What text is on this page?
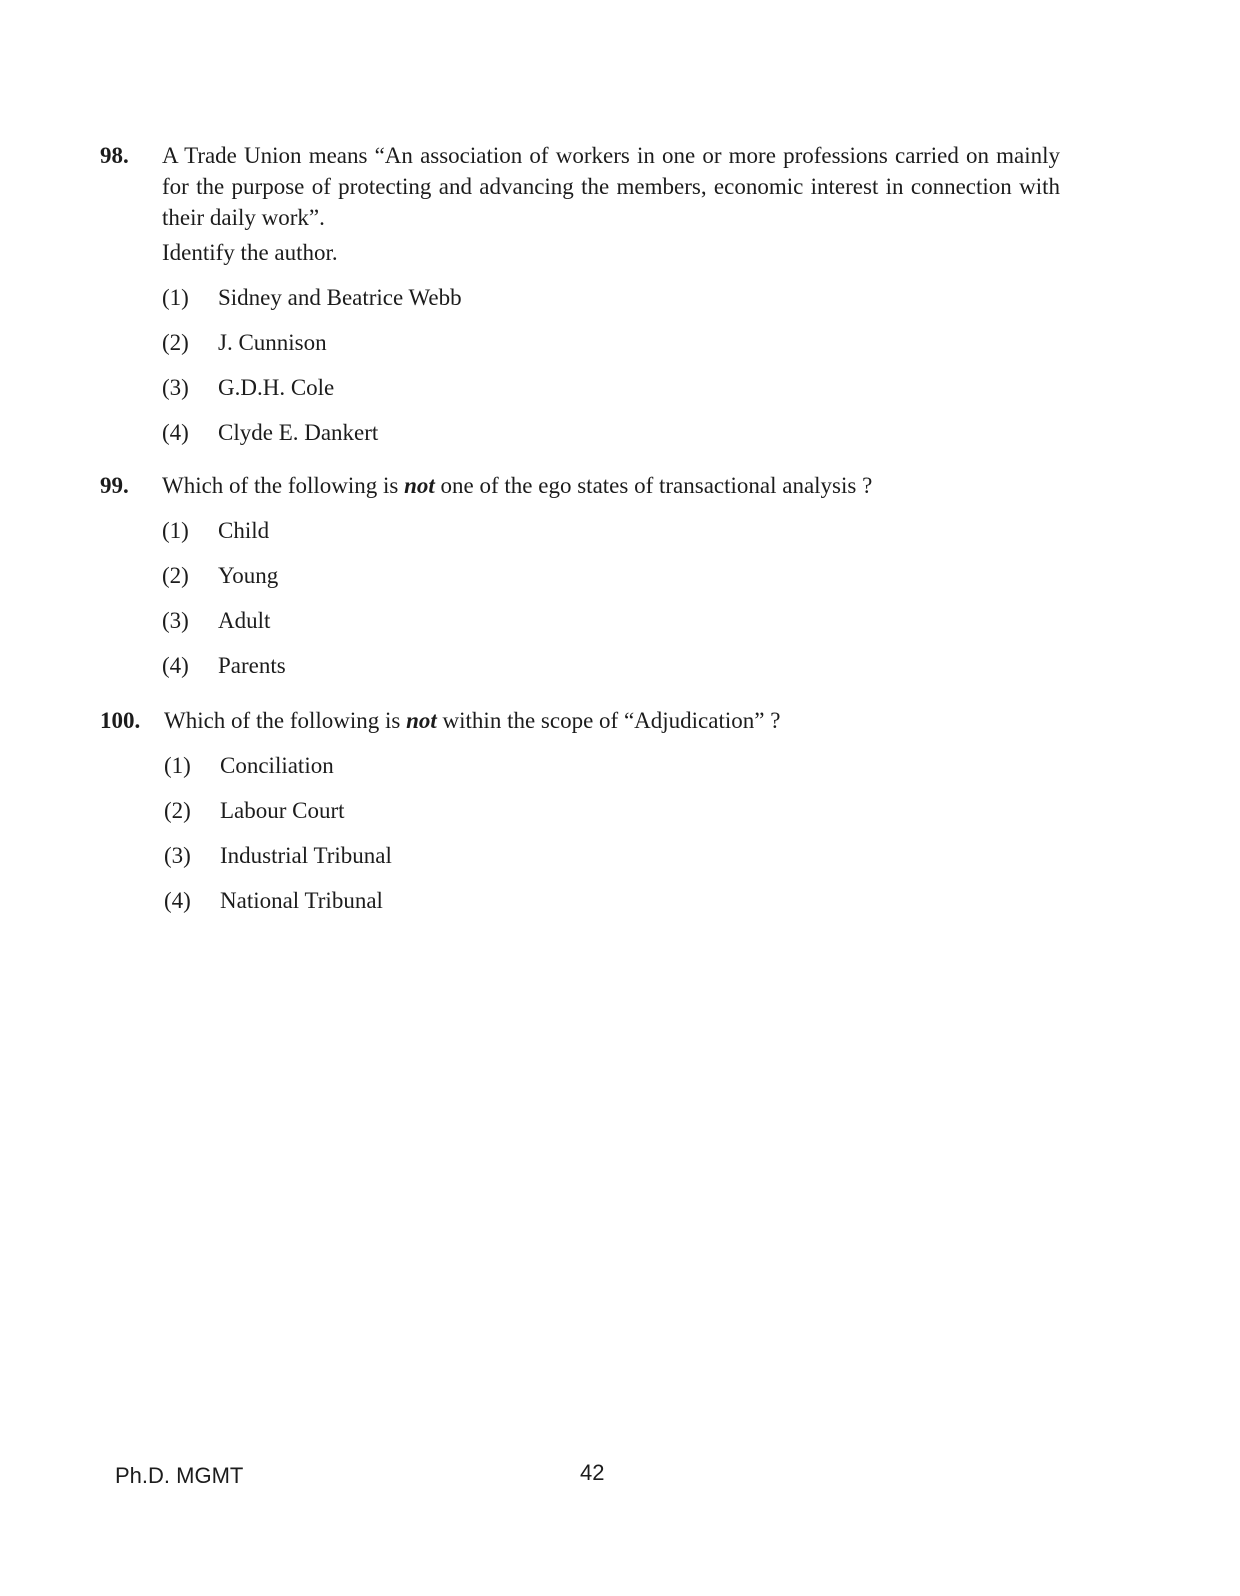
98.	A Trade Union means “An association of workers in one or more professions carried on mainly for the purpose of protecting and advancing the members, economic interest in connection with their daily work”.
Identify the author.
(1)	Sidney and Beatrice Webb
(2)	J. Cunnison
(3)	G.D.H. Cole
(4)	Clyde E. Dankert
99.	Which of the following is not one of the ego states of transactional analysis ?
(1)	Child
(2)	Young
(3)	Adult
(4)	Parents
100.	Which of the following is not within the scope of “Adjudication” ?
(1)	Conciliation
(2)	Labour Court
(3)	Industrial Tribunal
(4)	National Tribunal
Ph.D. MGMT	42
